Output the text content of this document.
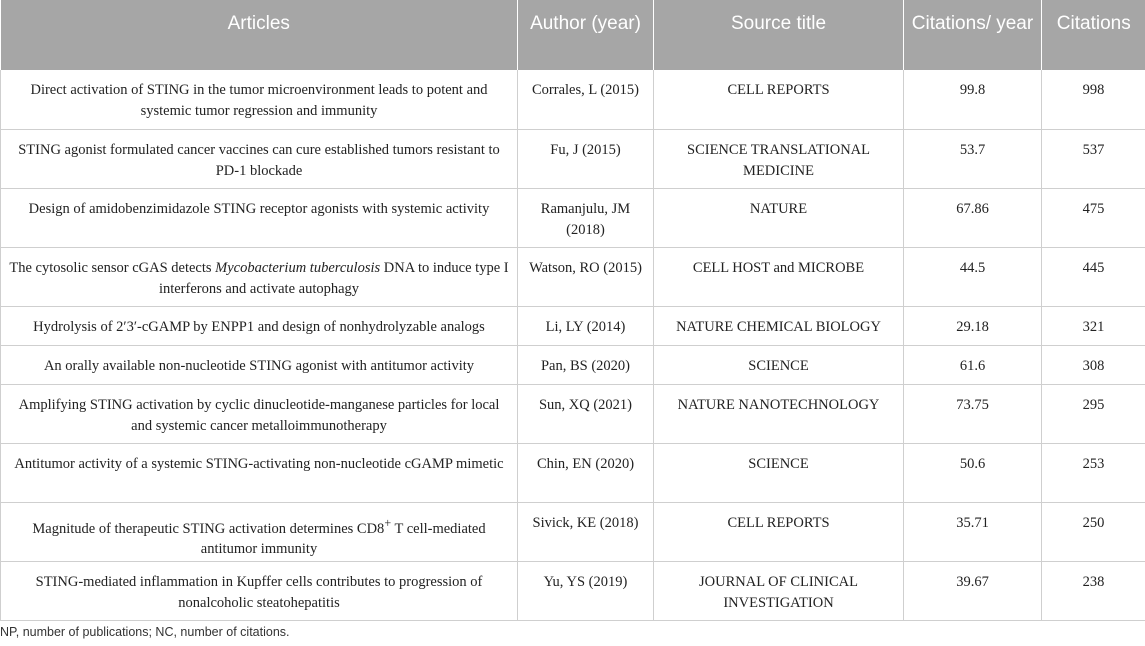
Articles	Author (year)	Source title	Citations/ year	Citations
Direct activation of STING in the tumor microenvironment leads to potent and systemic tumor regression and immunity	Corrales, L (2015)	CELL REPORTS	99.8	998
STING agonist formulated cancer vaccines can cure established tumors resistant to PD-1 blockade	Fu, J (2015)	SCIENCE TRANSLATIONAL MEDICINE	53.7	537
Design of amidobenzimidazole STING receptor agonists with systemic activity	Ramanjulu, JM (2018)	NATURE	67.86	475
The cytosolic sensor cGAS detects Mycobacterium tuberculosis DNA to induce type I interferons and activate autophagy	Watson, RO (2015)	CELL HOST and MICROBE	44.5	445
Hydrolysis of 2′3′-cGAMP by ENPP1 and design of nonhydrolyzable analogs	Li, LY (2014)	NATURE CHEMICAL BIOLOGY	29.18	321
An orally available non-nucleotide STING agonist with antitumor activity	Pan, BS (2020)	SCIENCE	61.6	308
Amplifying STING activation by cyclic dinucleotide-manganese particles for local and systemic cancer metalloimmunotherapy	Sun, XQ (2021)	NATURE NANOTECHNOLOGY	73.75	295
Antitumor activity of a systemic STING-activating non-nucleotide cGAMP mimetic	Chin, EN (2020)	SCIENCE	50.6	253
Magnitude of therapeutic STING activation determines CD8+ T cell-mediated antitumor immunity	Sivick, KE (2018)	CELL REPORTS	35.71	250
STING-mediated inflammation in Kupffer cells contributes to progression of nonalcoholic steatohepatitis	Yu, YS (2019)	JOURNAL OF CLINICAL INVESTIGATION	39.67	238
NP, number of publications; NC, number of citations.
